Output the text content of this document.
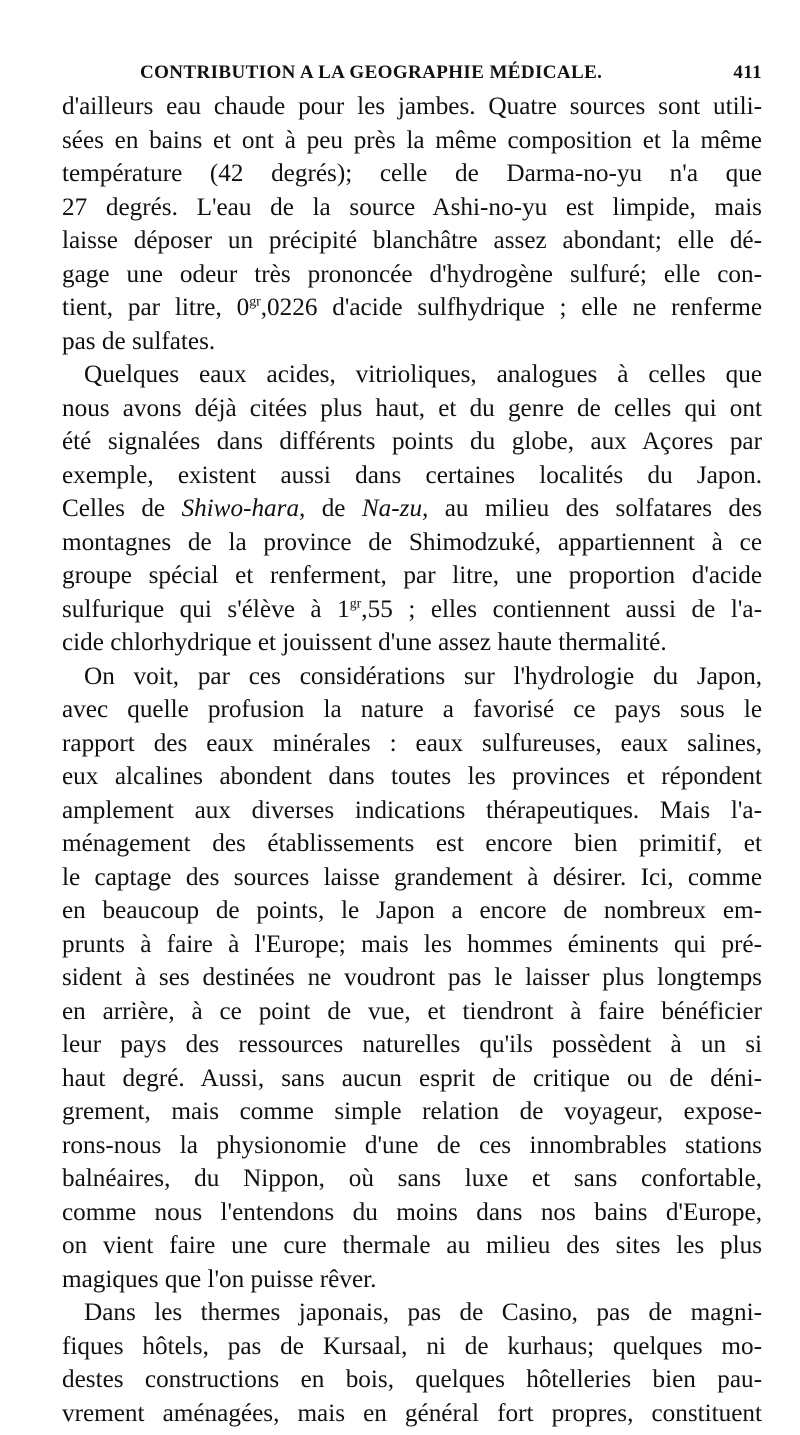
CONTRIBUTION A LA GEOGRAPHIE MÉDICALE.	411
d'ailleurs eau chaude pour les jambes. Quatre sources sont utili-
sées en bains et ont à peu près la même composition et la même
température (42 degrés); celle de Darma-no-yu n'a que
27 degrés. L'eau de la source Ashi-no-yu est limpide, mais
laisse déposer un précipité blanchâtre assez abondant; elle dé-
gage une odeur très prononcée d'hydrogène sulfuré; elle con-
tient, par litre, $0^{gr},0226$ d'acide sulfhydrique ; elle ne renferme
pas de sulfates.
Quelques eaux acides, vitrioliques, analogues à celles que
nous avons déjà citées plus haut, et du genre de celles qui ont
été signalées dans différents points du globe, aux Açores par
exemple, existent aussi dans certaines localités du Japon.
Celles de Shiwo-hara, de Na-zu, au milieu des solfatares des
montagnes de la province de Shimodzuké, appartiennent à ce
groupe spécial et renferment, par litre, une proportion d'acide
sulfurique qui s'élève à $1^{gr},55$ ; elles contiennent aussi de l'a-
cide chlorhydrique et jouissent d'une assez haute thermalité.
On voit, par ces considérations sur l'hydrologie du Japon,
avec quelle profusion la nature a favorisé ce pays sous le
rapport des eaux minérales : eaux sulfureuses, eaux salines,
eux alcalines abondent dans toutes les provinces et répondent
amplement aux diverses indications thérapeutiques. Mais l'a-
ménagement des établissements est encore bien primitif, et
le captage des sources laisse grandement à désirer. Ici, comme
en beaucoup de points, le Japon a encore de nombreux em-
prunts à faire à l'Europe; mais les hommes éminents qui pré-
sident à ses destinées ne voudront pas le laisser plus longtemps
en arrière, à ce point de vue, et tiendront à faire bénéficier
leur pays des ressources naturelles qu'ils possèdent à un si
haut degré. Aussi, sans aucun esprit de critique ou de déni-
grement, mais comme simple relation de voyageur, expose-
rons-nous la physionomie d'une de ces innombrables stations
balnéaires, du Nippon, où sans luxe et sans confortable,
comme nous l'entendons du moins dans nos bains d'Europe,
on vient faire une cure thermale au milieu des sites les plus
magiques que l'on puisse rêver.
Dans les thermes japonais, pas de Casino, pas de magni-
fiques hôtels, pas de Kursaal, ni de kurhaus; quelques mo-
destes constructions en bois, quelques hôtelleries bien pau-
vrement aménagées, mais en général fort propres, constituent
